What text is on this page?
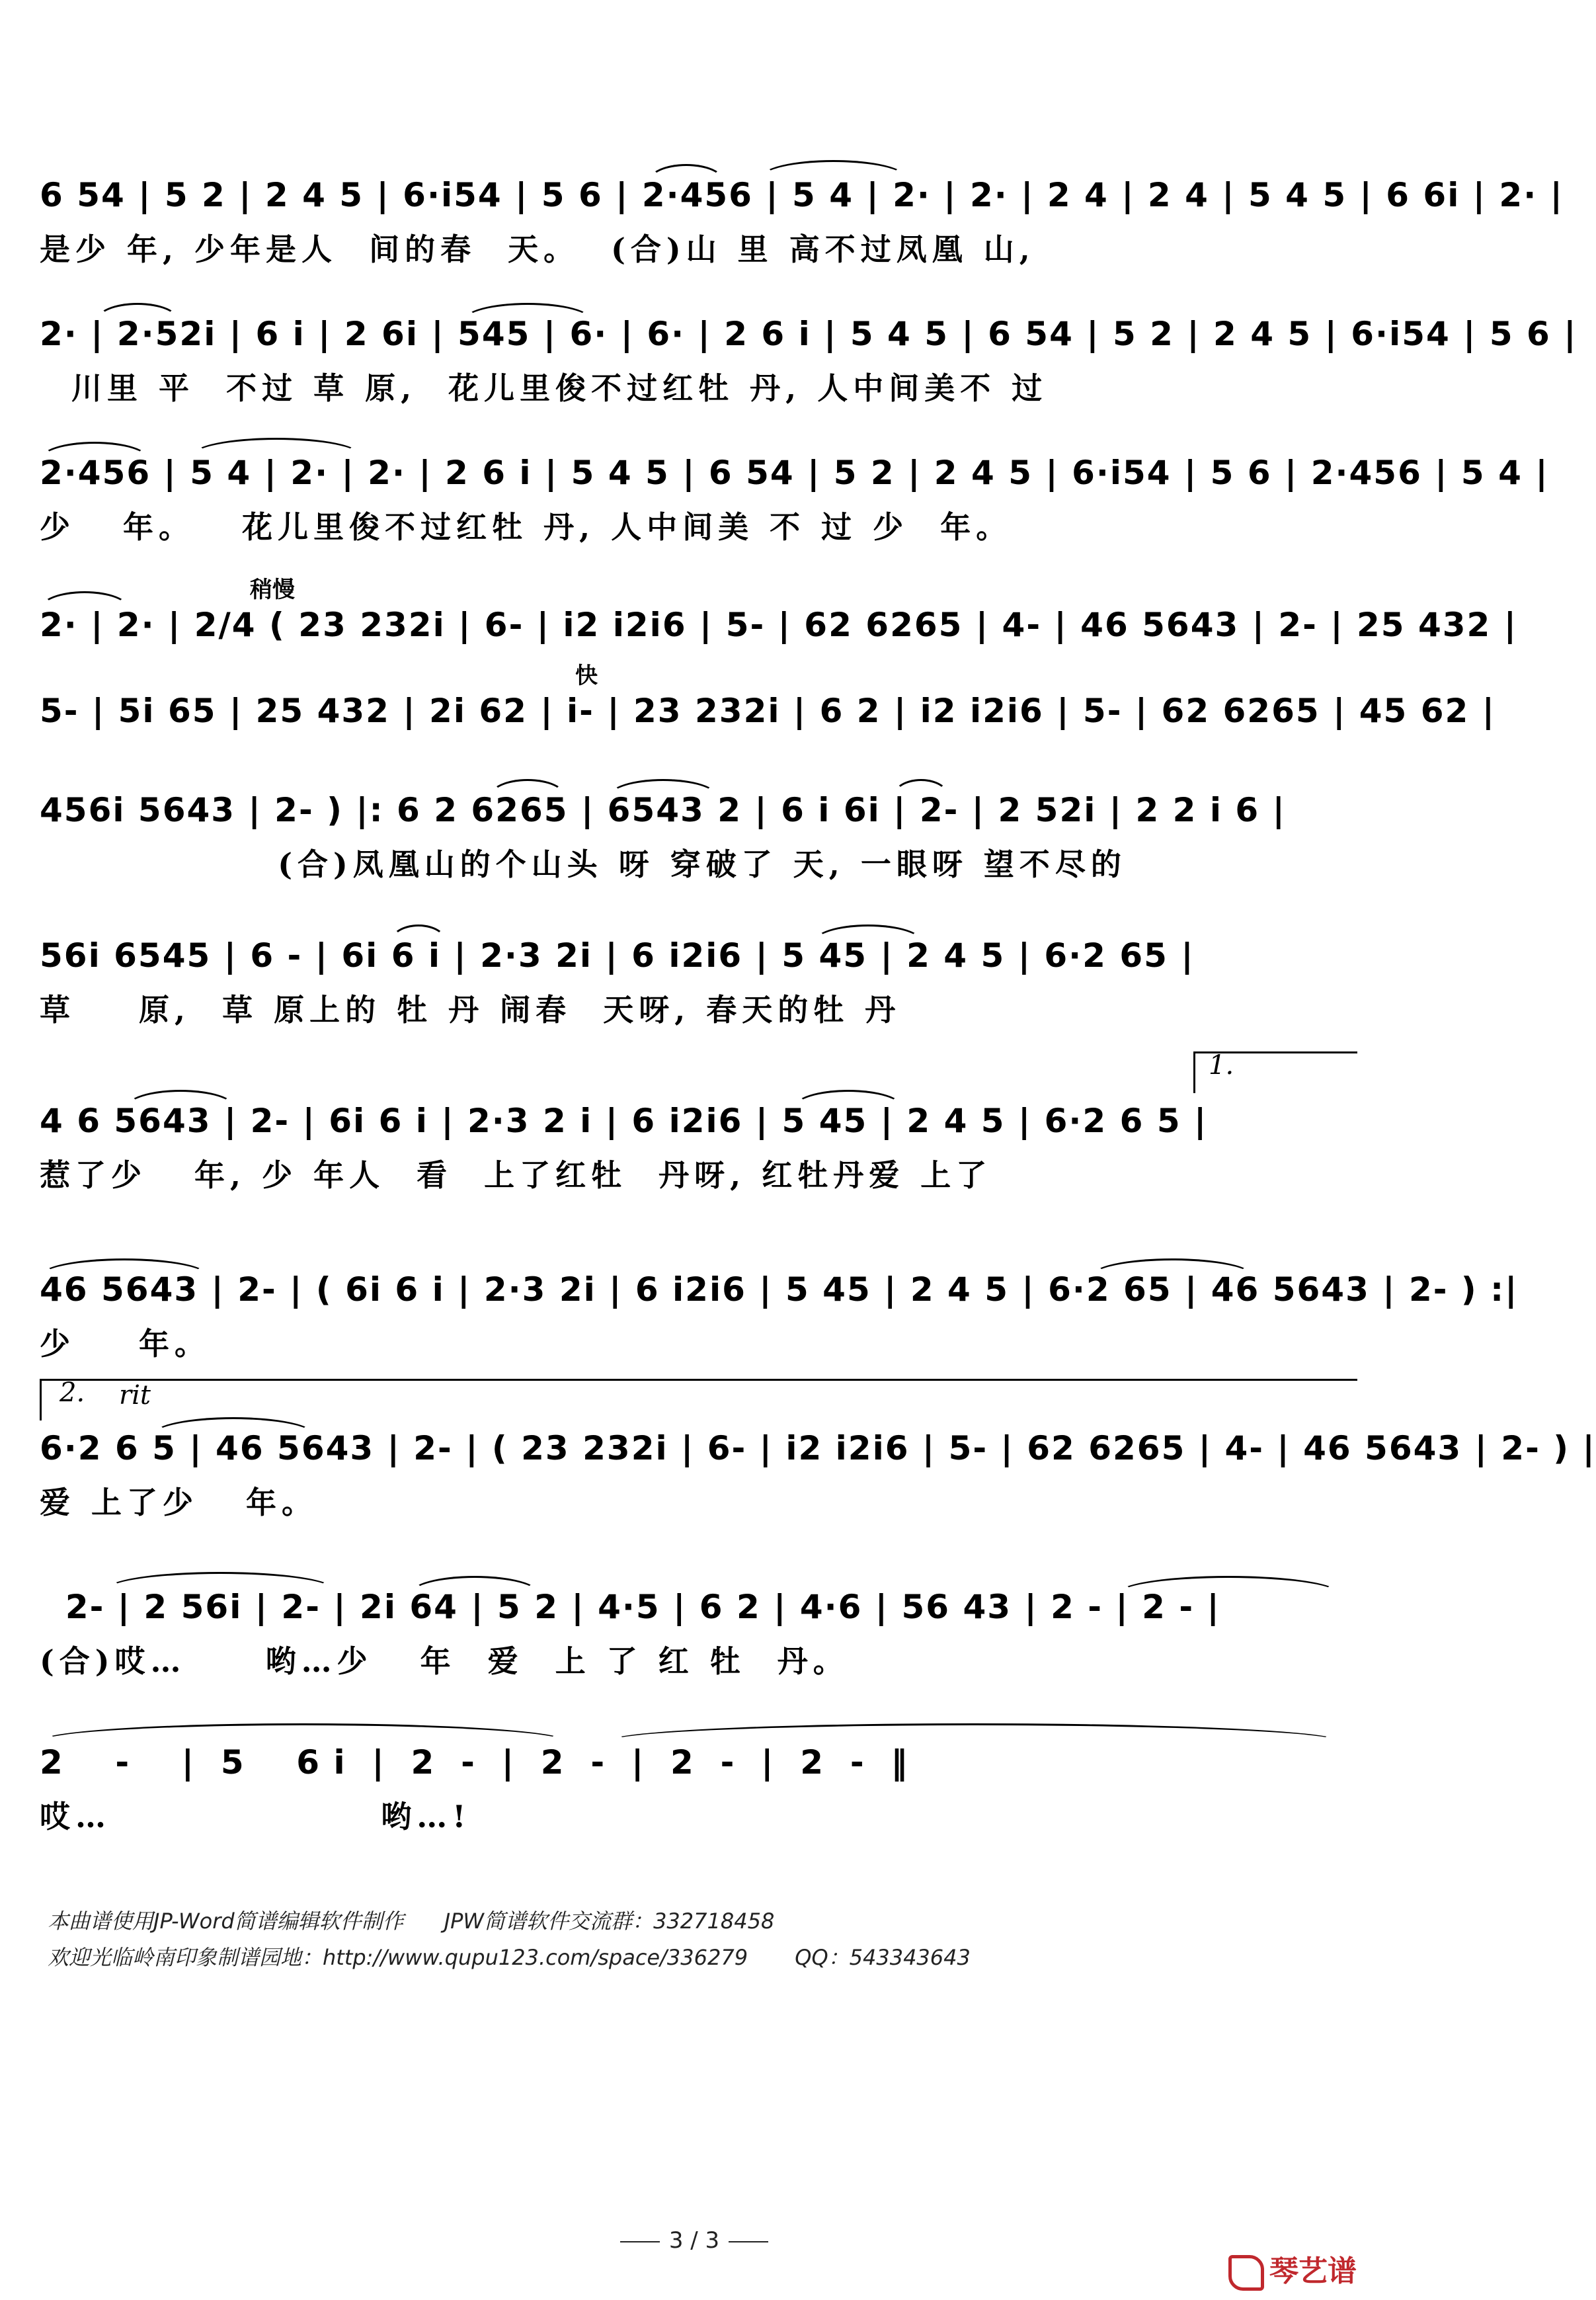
6 54 | 5 2 | 2 4 5 | 6·i54 | 5 6 | 2·456 | 5 4 | 2· | 2· | 2 4 | 2 4 | 5 4 5 | 6 6i | 2· |
是少 年, 少年是人  间的春  天。  (合)山 里 高不过凤凰 山,
2· | 2·52i | 6 i | 2 6i | 545 | 6· | 6· | 2 6 i | 5 4 5 | 6 54 | 5 2 | 2 4 5 | 6·i54 | 5 6 |
川里 平  不过 草 原,  花儿里俊不过红牡 丹, 人中间美不 过
2·456 | 5 4 | 2· | 2· | 2 6 i | 5 4 5 | 6 54 | 5 2 | 2 4 5 | 6·i54 | 5 6 | 2·456 | 5 4 |
少   年。   花儿里俊不过红牡 丹, 人中间美 不 过 少  年。
稍慢
2· | 2· | 2/4 ( 23 232i | 6- | i2 i2i6 | 5- | 62 6265 | 4- | 46 5643 | 2- | 25 432 |
快
5- | 5i 65 | 25 432 | 2i 62 | i- | 23 232i | 6 2 | i2 i2i6 | 5- | 62 6265 | 45 62 |
456i 5643 | 2- ) |: 6 2 6265 | 6543 2 | 6 i 6i | 2- | 2 52i | 2 2 i 6 |
(合)凤凰山的个山头 呀 穿破了 天, 一眼呀 望不尽的
56i 6545 | 6 - | 6i 6 i | 2·3 2i | 6 i2i6 | 5 45 | 2 4 5 | 6·2 65 |
草    原,  草 原上的 牡 丹 闹春  天呀, 春天的牡 丹
1.
4 6 5643 | 2- | 6i 6 i | 2·3 2 i | 6 i2i6 | 5 45 | 2 4 5 | 6·2 6 5 |
惹了少   年, 少 年人  看  上了红牡  丹呀, 红牡丹爱 上了
46 5643 | 2- | ( 6i 6 i | 2·3 2i | 6 i2i6 | 5 45 | 2 4 5 | 6·2 65 | 46 5643 | 2- ) :|
少    年。
2. rit
6·2 6 5 | 46 5643 | 2- | ( 23 232i | 6- | i2 i2i6 | 5- | 62 6265 | 4- | 46 5643 | 2- ) |
爱 上了少   年。
2- | 2 56i | 2- | 2i 64 | 5 2 | 4·5 | 6 2 | 4·6 | 56 43 | 2 - | 2 - |
(合)哎…     哟…少   年  爱  上 了 红 牡  丹。
2    -    |  5    6 i  |  2  -  |  2  -  |  2  -  |  2  -  ‖
哎…                 哟…!
本曲谱使用JP-Word简谱编辑软件制作      JPW简谱软件交流群：332718458
欢迎光临岭南印象制谱园地：http://www.qupu123.com/space/336279       QQ：543343643
3 / 3
琴艺谱
